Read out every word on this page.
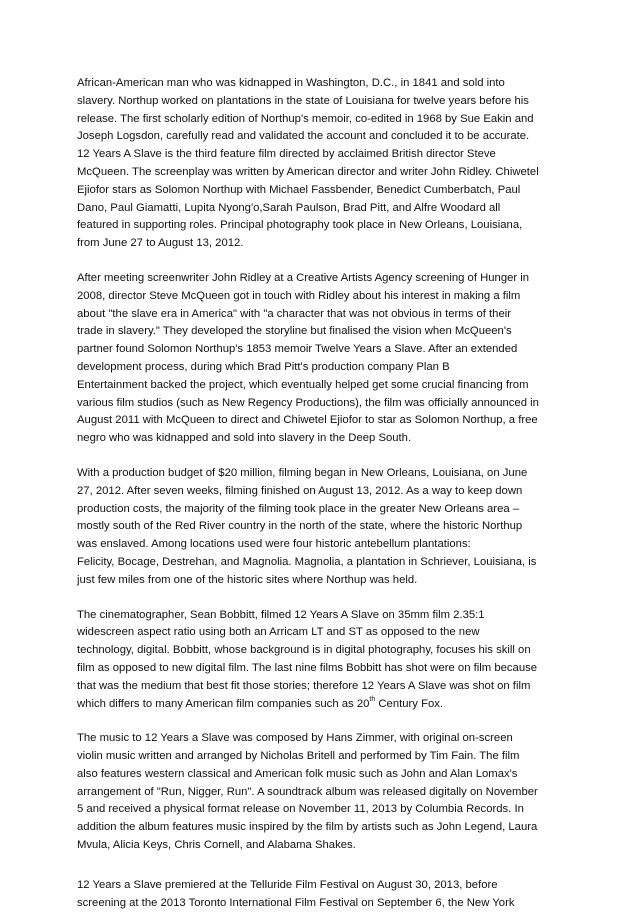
African-American man who was kidnapped in Washington, D.C., in 1841 and sold into
slavery. Northup worked on plantations in the state of Louisiana for twelve years before his
release. The first scholarly edition of Northup's memoir, co-edited in 1968 by Sue Eakin and
Joseph Logsdon, carefully read and validated the account and concluded it to be accurate.
12 Years A Slave is the third feature film directed by acclaimed British director Steve
McQueen. The screenplay was written by American director and writer John Ridley. Chiwetel
Ejiofor stars as Solomon Northup with Michael Fassbender, Benedict Cumberbatch, Paul
Dano, Paul Giamatti, Lupita Nyong'o,Sarah Paulson, Brad Pitt, and Alfre Woodard all
featured in supporting roles. Principal photography took place in New Orleans, Louisiana,
from June 27 to August 13, 2012.

After meeting screenwriter John Ridley at a Creative Artists Agency screening of Hunger in
2008, director Steve McQueen got in touch with Ridley about his interest in making a film
about "the slave era in America" with "a character that was not obvious in terms of their
trade in slavery." They developed the storyline but finalised the vision when McQueen's
partner found Solomon Northup's 1853 memoir Twelve Years a Slave. After an extended
development process, during which Brad Pitt's production company Plan B
Entertainment backed the project, which eventually helped get some crucial financing from
various film studios (such as New Regency Productions), the film was officially announced in
August 2011 with McQueen to direct and Chiwetel Ejiofor to star as Solomon Northup, a free
negro who was kidnapped and sold into slavery in the Deep South.

With a production budget of $20 million, filming began in New Orleans, Louisiana, on June
27, 2012. After seven weeks, filming finished on August 13, 2012. As a way to keep down
production costs, the majority of the filming took place in the greater New Orleans area –
mostly south of the Red River country in the north of the state, where the historic Northup
was enslaved. Among locations used were four historic antebellum plantations:
Felicity, Bocage, Destrehan, and Magnolia. Magnolia, a plantation in Schriever, Louisiana, is
just few miles from one of the historic sites where Northup was held.

The cinematographer, Sean Bobbitt, filmed 12 Years A Slave on 35mm film 2.35:1
widescreen aspect ratio using both an Arricam LT and ST as opposed to the new
technology, digital. Bobbitt, whose background is in digital photography, focuses his skill on
film as opposed to new digital film. The last nine films Bobbitt has shot were on film because
that was the medium that best fit those stories; therefore 12 Years A Slave was shot on film
which differs to many American film companies such as 20th Century Fox.

The music to 12 Years a Slave was composed by Hans Zimmer, with original on-screen
violin music written and arranged by Nicholas Britell and performed by Tim Fain. The film
also features western classical and American folk music such as John and Alan Lomax's
arrangement of "Run, Nigger, Run". A soundtrack album was released digitally on November
5 and received a physical format release on November 11, 2013 by Columbia Records. In
addition the album features music inspired by the film by artists such as John Legend, Laura
Mvula, Alicia Keys, Chris Cornell, and Alabama Shakes.

12 Years a Slave premiered at the Telluride Film Festival on August 30, 2013, before
screening at the 2013 Toronto International Film Festival on September 6, the New York
